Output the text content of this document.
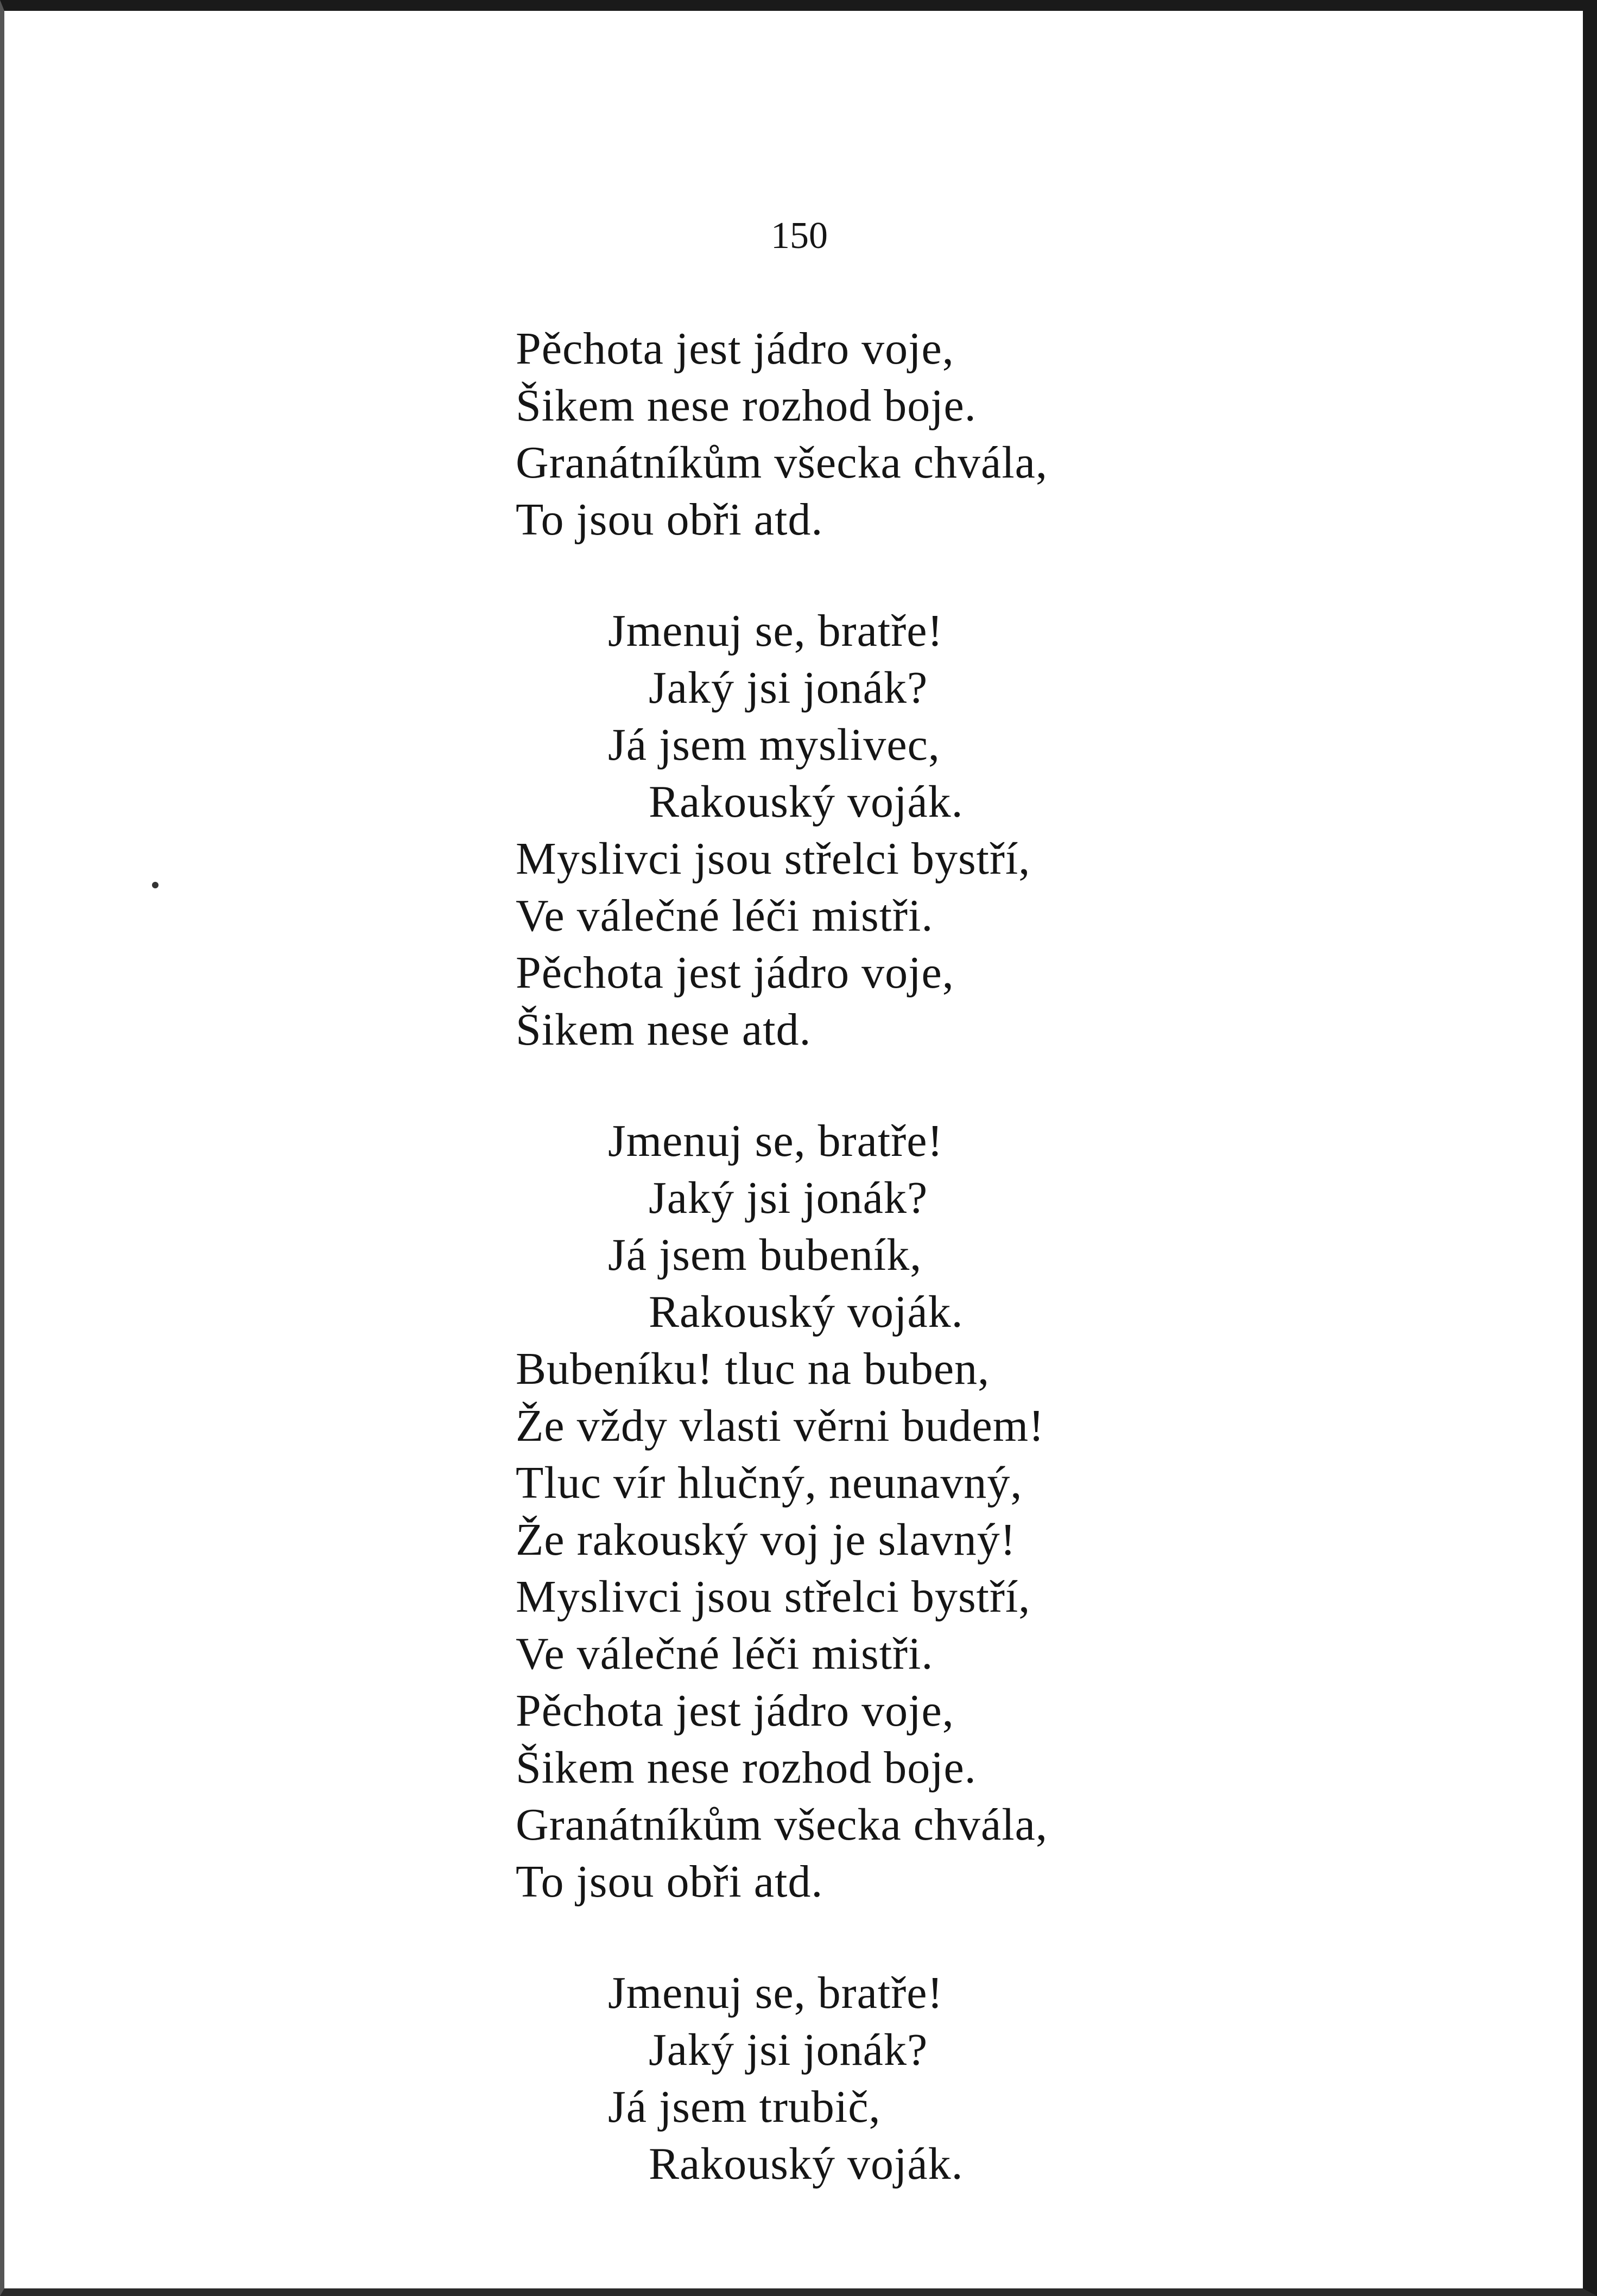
150
Pěchota jest jádro voje,
Šikem nese rozhod boje.
Granátníkům všecka chvála,
To jsou obři atd.
Jmenuj se, bratře!
Jaký jsi jonák?
Já jsem myslivec,
Rakouský voják.
Myslivci jsou střelci bystří,
Ve válečné léči mistři.
Pěchota jest jádro voje,
Šikem nese atd.
Jmenuj se, bratře!
Jaký jsi jonák?
Já jsem bubeník,
Rakouský voják.
Bubeníku! tluc na buben,
Že vždy vlasti věrni budem!
Tluc vír hlučný, neunavný,
Že rakouský voj je slavný!
Myslivci jsou střelci bystří,
Ve válečné léči mistři.
Pěchota jest jádro voje,
Šikem nese rozhod boje.
Granátníkům všecka chvála,
To jsou obři atd.
Jmenuj se, bratře!
Jaký jsi jonák?
Já jsem trubič,
Rakouský voják.
